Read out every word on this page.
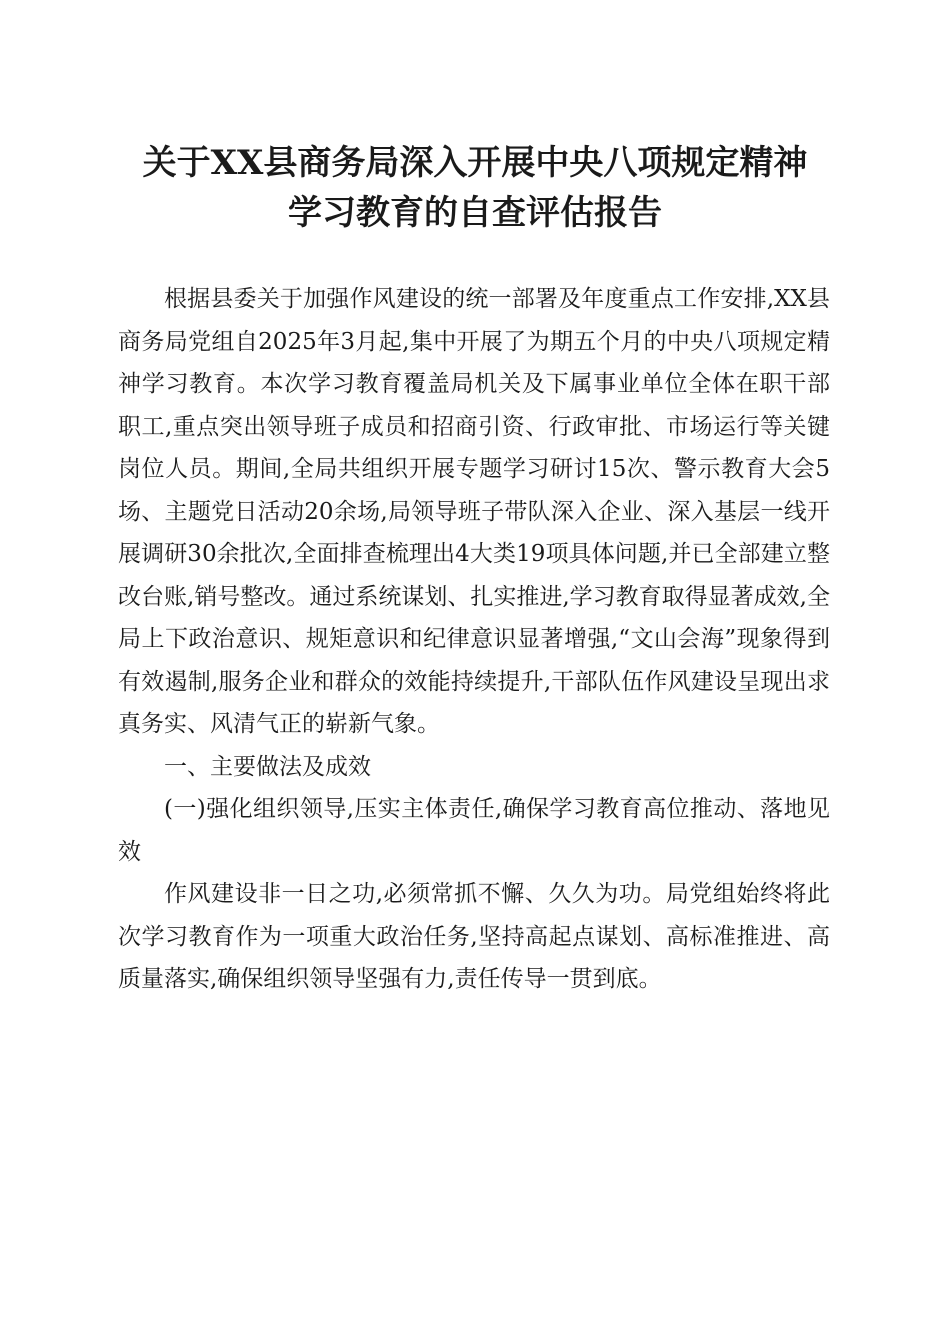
关于XX县商务局深入开展中央八项规定精神
学习教育的自查评估报告

根据县委关于加强作风建设的统一部署及年度重点工作安排,XX县商务局党组自2025年3月起,集中开展了为期五个月的中央八项规定精神学习教育。本次学习教育覆盖局机关及下属事业单位全体在职干部职工,重点突出领导班子成员和招商引资、行政审批、市场运行等关键岗位人员。期间,全局共组织开展专题学习研讨15次、警示教育大会5场、主题党日活动20余场,局领导班子带队深入企业、深入基层一线开展调研30余批次,全面排查梳理出4大类19项具体问题,并已全部建立整改台账,销号整改。通过系统谋划、扎实推进,学习教育取得显著成效,全局上下政治意识、规矩意识和纪律意识显著增强,“文山会海”现象得到有效遏制,服务企业和群众的效能持续提升,干部队伍作风建设呈现出求真务实、风清气正的崭新气象。

一、主要做法及成效

(一)强化组织领导,压实主体责任,确保学习教育高位推动、落地见效

作风建设非一日之功,必须常抓不懈、久久为功。局党组始终将此次学习教育作为一项重大政治任务,坚持高起点谋划、高标准推进、高质量落实,确保组织领导坚强有力,责任传导一贯到底。
